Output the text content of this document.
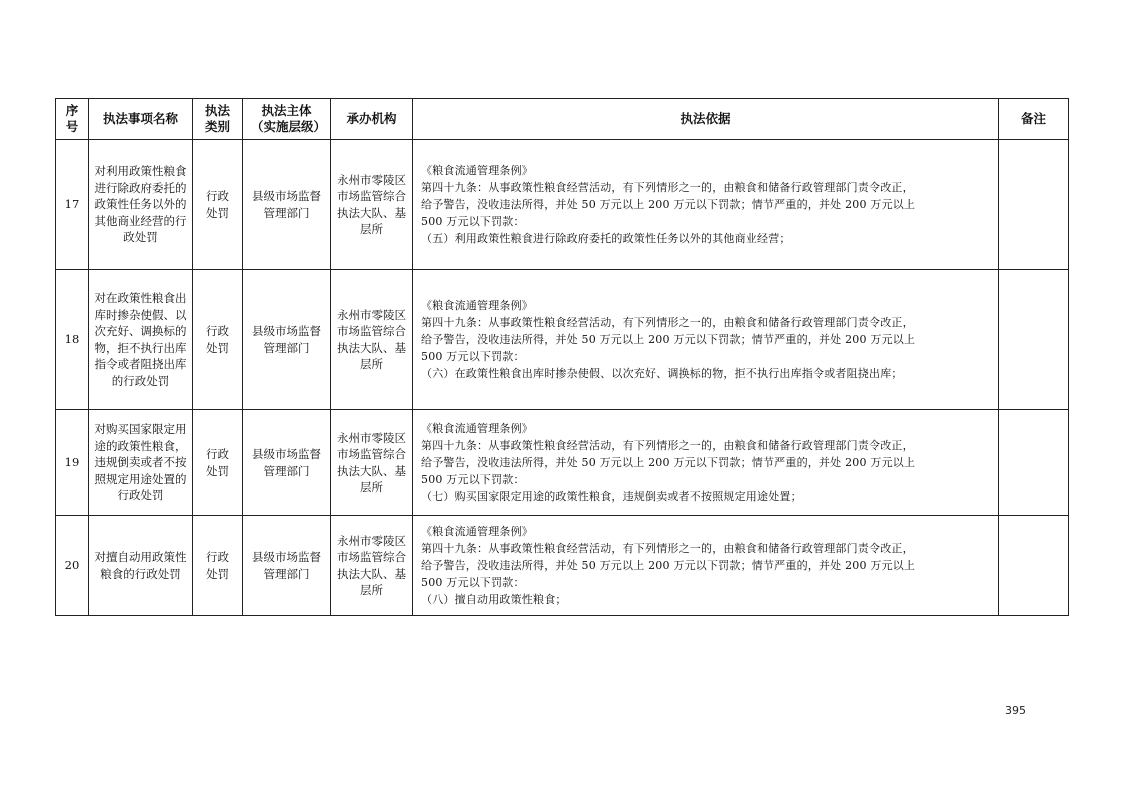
序号	执法事项名称	执法类别	执法主体（实施层级）	承办机构	执法依据	备注
17	对利用政策性粮食进行除政府委托的政策性任务以外的其他商业经营的行政处罚	行政处罚	县级市场监督管理部门	永州市零陵区市场监管综合执法大队、基层所	《粮食流通管理条例》
第四十九条：从事政策性粮食经营活动，有下列情形之一的，由粮食和储备行政管理部门责令改正，
给予警告，没收违法所得，并处 50 万元以上 200 万元以下罚款；情节严重的，并处 200 万元以上
500 万元以下罚款：
（五）利用政策性粮食进行除政府委托的政策性任务以外的其他商业经营；	

18	对在政策性粮食出库时掺杂使假、以次充好、调换标的物，拒不执行出库指令或者阻挠出库的行政处罚	行政处罚	县级市场监督管理部门	永州市零陵区市场监管综合执法大队、基层所	《粮食流通管理条例》
第四十九条：从事政策性粮食经营活动，有下列情形之一的，由粮食和储备行政管理部门责令改正，
给予警告，没收违法所得，并处 50 万元以上 200 万元以下罚款；情节严重的，并处 200 万元以上
500 万元以下罚款：
（六）在政策性粮食出库时掺杂使假、以次充好、调换标的物，拒不执行出库指令或者阻挠出库；	

19	对购买国家限定用途的政策性粮食，违规倒卖或者不按照规定用途处置的行政处罚	行政处罚	县级市场监督管理部门	永州市零陵区市场监管综合执法大队、基层所	《粮食流通管理条例》
第四十九条：从事政策性粮食经营活动，有下列情形之一的，由粮食和储备行政管理部门责令改正，
给予警告，没收违法所得，并处 50 万元以上 200 万元以下罚款；情节严重的，并处 200 万元以上
500 万元以下罚款：
（七）购买国家限定用途的政策性粮食，违规倒卖或者不按照规定用途处置；	

20	对擅自动用政策性粮食的行政处罚	行政处罚	县级市场监督管理部门	永州市零陵区市场监管综合执法大队、基层所	《粮食流通管理条例》
第四十九条：从事政策性粮食经营活动，有下列情形之一的，由粮食和储备行政管理部门责令改正，
给予警告，没收违法所得，并处 50 万元以上 200 万元以下罚款；情节严重的，并处 200 万元以上
500 万元以下罚款：
（八）擅自动用政策性粮食；	

395
